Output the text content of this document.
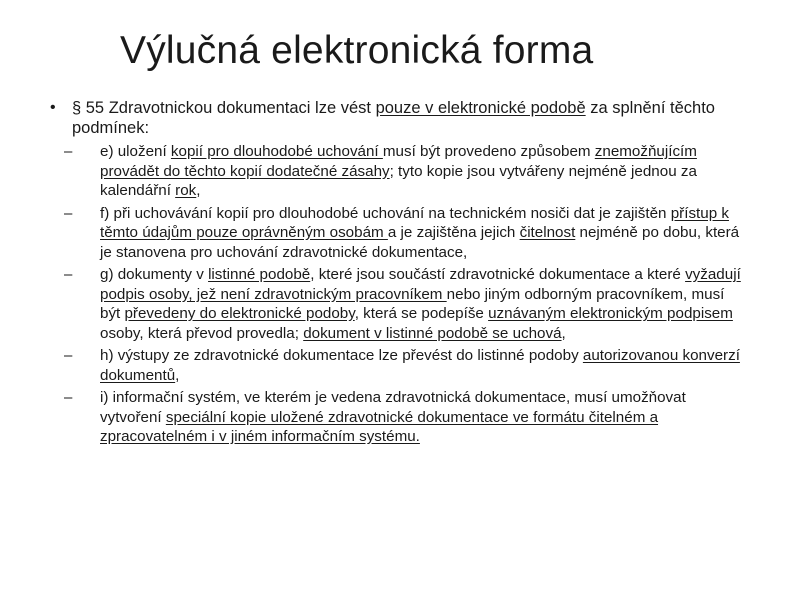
Výlučná elektronická forma
• § 55 Zdravotnickou dokumentaci lze vést pouze v elektronické podobě za splnění těchto podmínek:
–	e) uložení kopií pro dlouhodobé uchování musí být provedeno způsobem znemožňujícím provádět do těchto kopií dodatečné zásahy; tyto kopie jsou vytvářeny nejméně jednou za kalendářní rok,
–	f) při uchovávání kopií pro dlouhodobé uchování na technickém nosiči dat je zajištěn přístup k těmto údajům pouze oprávněným osobám a je zajištěna jejich čitelnost nejméně po dobu, která je stanovena pro uchování zdravotnické dokumentace,
–	g) dokumenty v listinné podobě, které jsou součástí zdravotnické dokumentace a které vyžadují podpis osoby, jež není zdravotnickým pracovníkem nebo jiným odborným pracovníkem, musí být převedeny do elektronické podoby, která se podepíše uznávaným elektronickým podpisem osoby, která převod provedla; dokument v listinné podobě se uchová,
–	h) výstupy ze zdravotnické dokumentace lze převést do listinné podoby autorizovanou konverzí dokumentů,
–	i) informační systém, ve kterém je vedena zdravotnická dokumentace, musí umožňovat vytvoření speciální kopie uložené zdravotnické dokumentace ve formátu čitelném a zpracovatelném i v jiném informačním systému.
